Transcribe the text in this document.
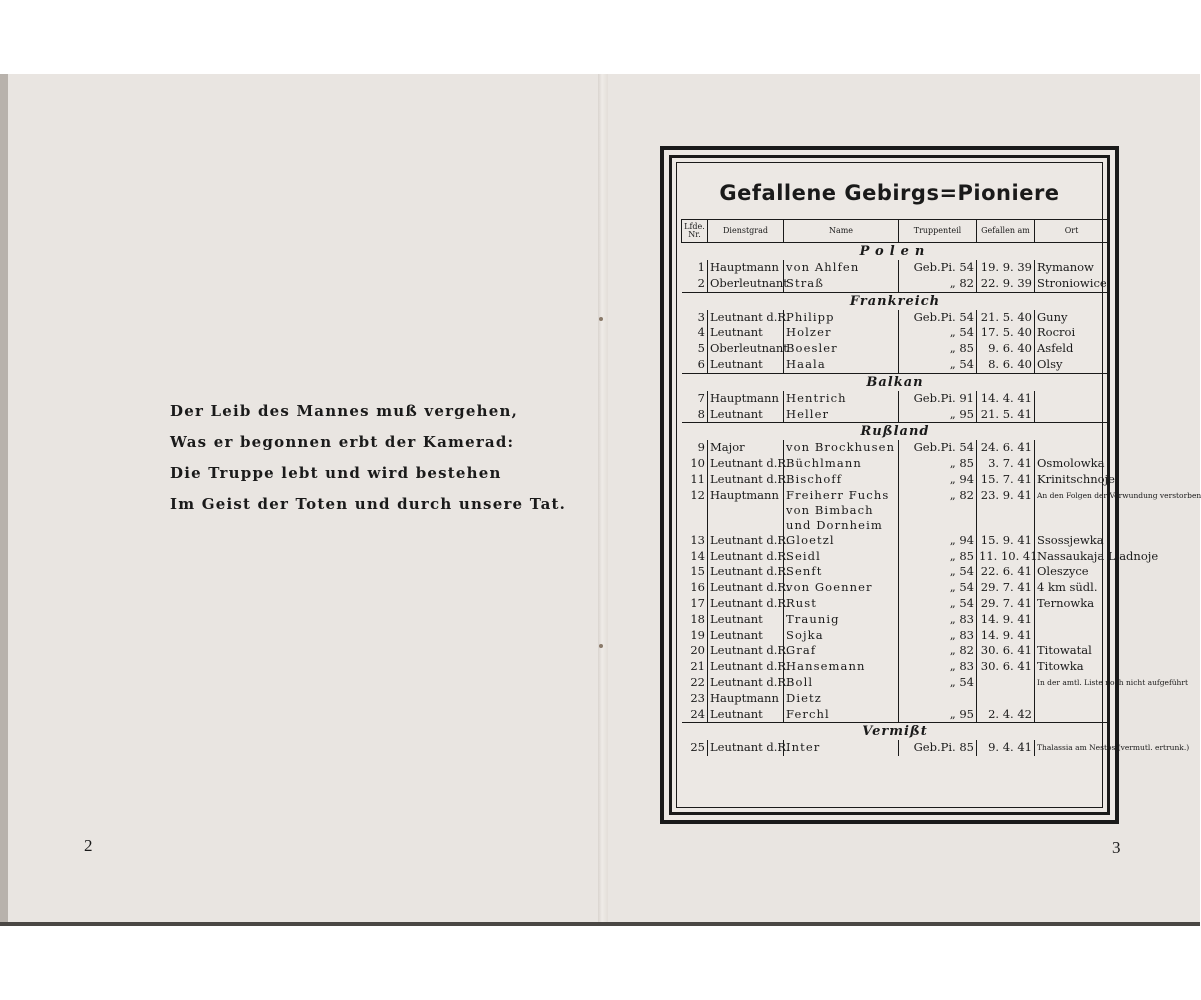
Der Leib des Mannes muß vergehen,
Was er begonnen erbt der Kamerad:
Die Truppe lebt und wird bestehen
Im Geist der Toten und durch unsere Tat.
2
Gefallene Gebirgs=Pioniere
Lfde. Nr.	Dienstgrad	Name	Truppenteil	Gefallen am	Ort
Polen					
1	Hauptmann	von Ahlfen	Geb.Pi. 54	19. 9. 39	Rymanow
2	Oberleutnant	Straß	„ 82	22. 9. 39	Stroniowice
Frankreich					
3	Leutnant d.R.	Philipp	Geb.Pi. 54	21. 5. 40	Guny
4	Leutnant	Holzer	„ 54	17. 5. 40	Rocroi
5	Oberleutnant	Boesler	„ 85	9. 6. 40	Asfeld
6	Leutnant	Haala	„ 54	8. 6. 40	Olsy
Balkan					
7	Hauptmann	Hentrich	Geb.Pi. 91	14. 4. 41	
8	Leutnant	Heller	„ 95	21. 5. 41	
Rußland					
9	Major	von Brockhusen	Geb.Pi. 54	24. 6. 41	
10	Leutnant d.R.	Büchlmann	„ 85	3. 7. 41	Osmolowka
11	Leutnant d.R.	Bischoff	„ 94	15. 7. 41	Krinitschnoje
12	Hauptmann	Freiherr Fuchs von Bimbach und Dornheim	„ 82	23. 9. 41	An den Folgen der Verwundung verstorben
13	Leutnant d.R.	Gloetzl	„ 94	15. 9. 41	Ssossjewka
14	Leutnant d.R.	Seidl	„ 85	11. 10. 41	Nassaukaja Lladnoje
15	Leutnant d.R.	Senft	„ 54	22. 6. 41	Oleszyce
16	Leutnant d.R.	von Goenner	„ 54	29. 7. 41	4 km südl.
17	Leutnant d.R.	Rust	„ 54	29. 7. 41	Ternowka
18	Leutnant	Traunig	„ 83	14. 9. 41	
19	Leutnant	Sojka	„ 83	14. 9. 41	
20	Leutnant d.R.	Graf	„ 82	30. 6. 41	Titowatal
21	Leutnant d.R.	Hansemann	„ 83	30. 6. 41	Titowka
22	Leutnant d.R.	Boll	„ 54		In der amtl. Liste noch nicht aufgeführt
23	Hauptmann	Dietz			
24	Leutnant	Ferchl	„ 95	2. 4. 42	
Vermißt					
25	Leutnant d.R.	Inter	Geb.Pi. 85	9. 4. 41	Thalassia am Nestos (vermutl. ertrunk.)
3
